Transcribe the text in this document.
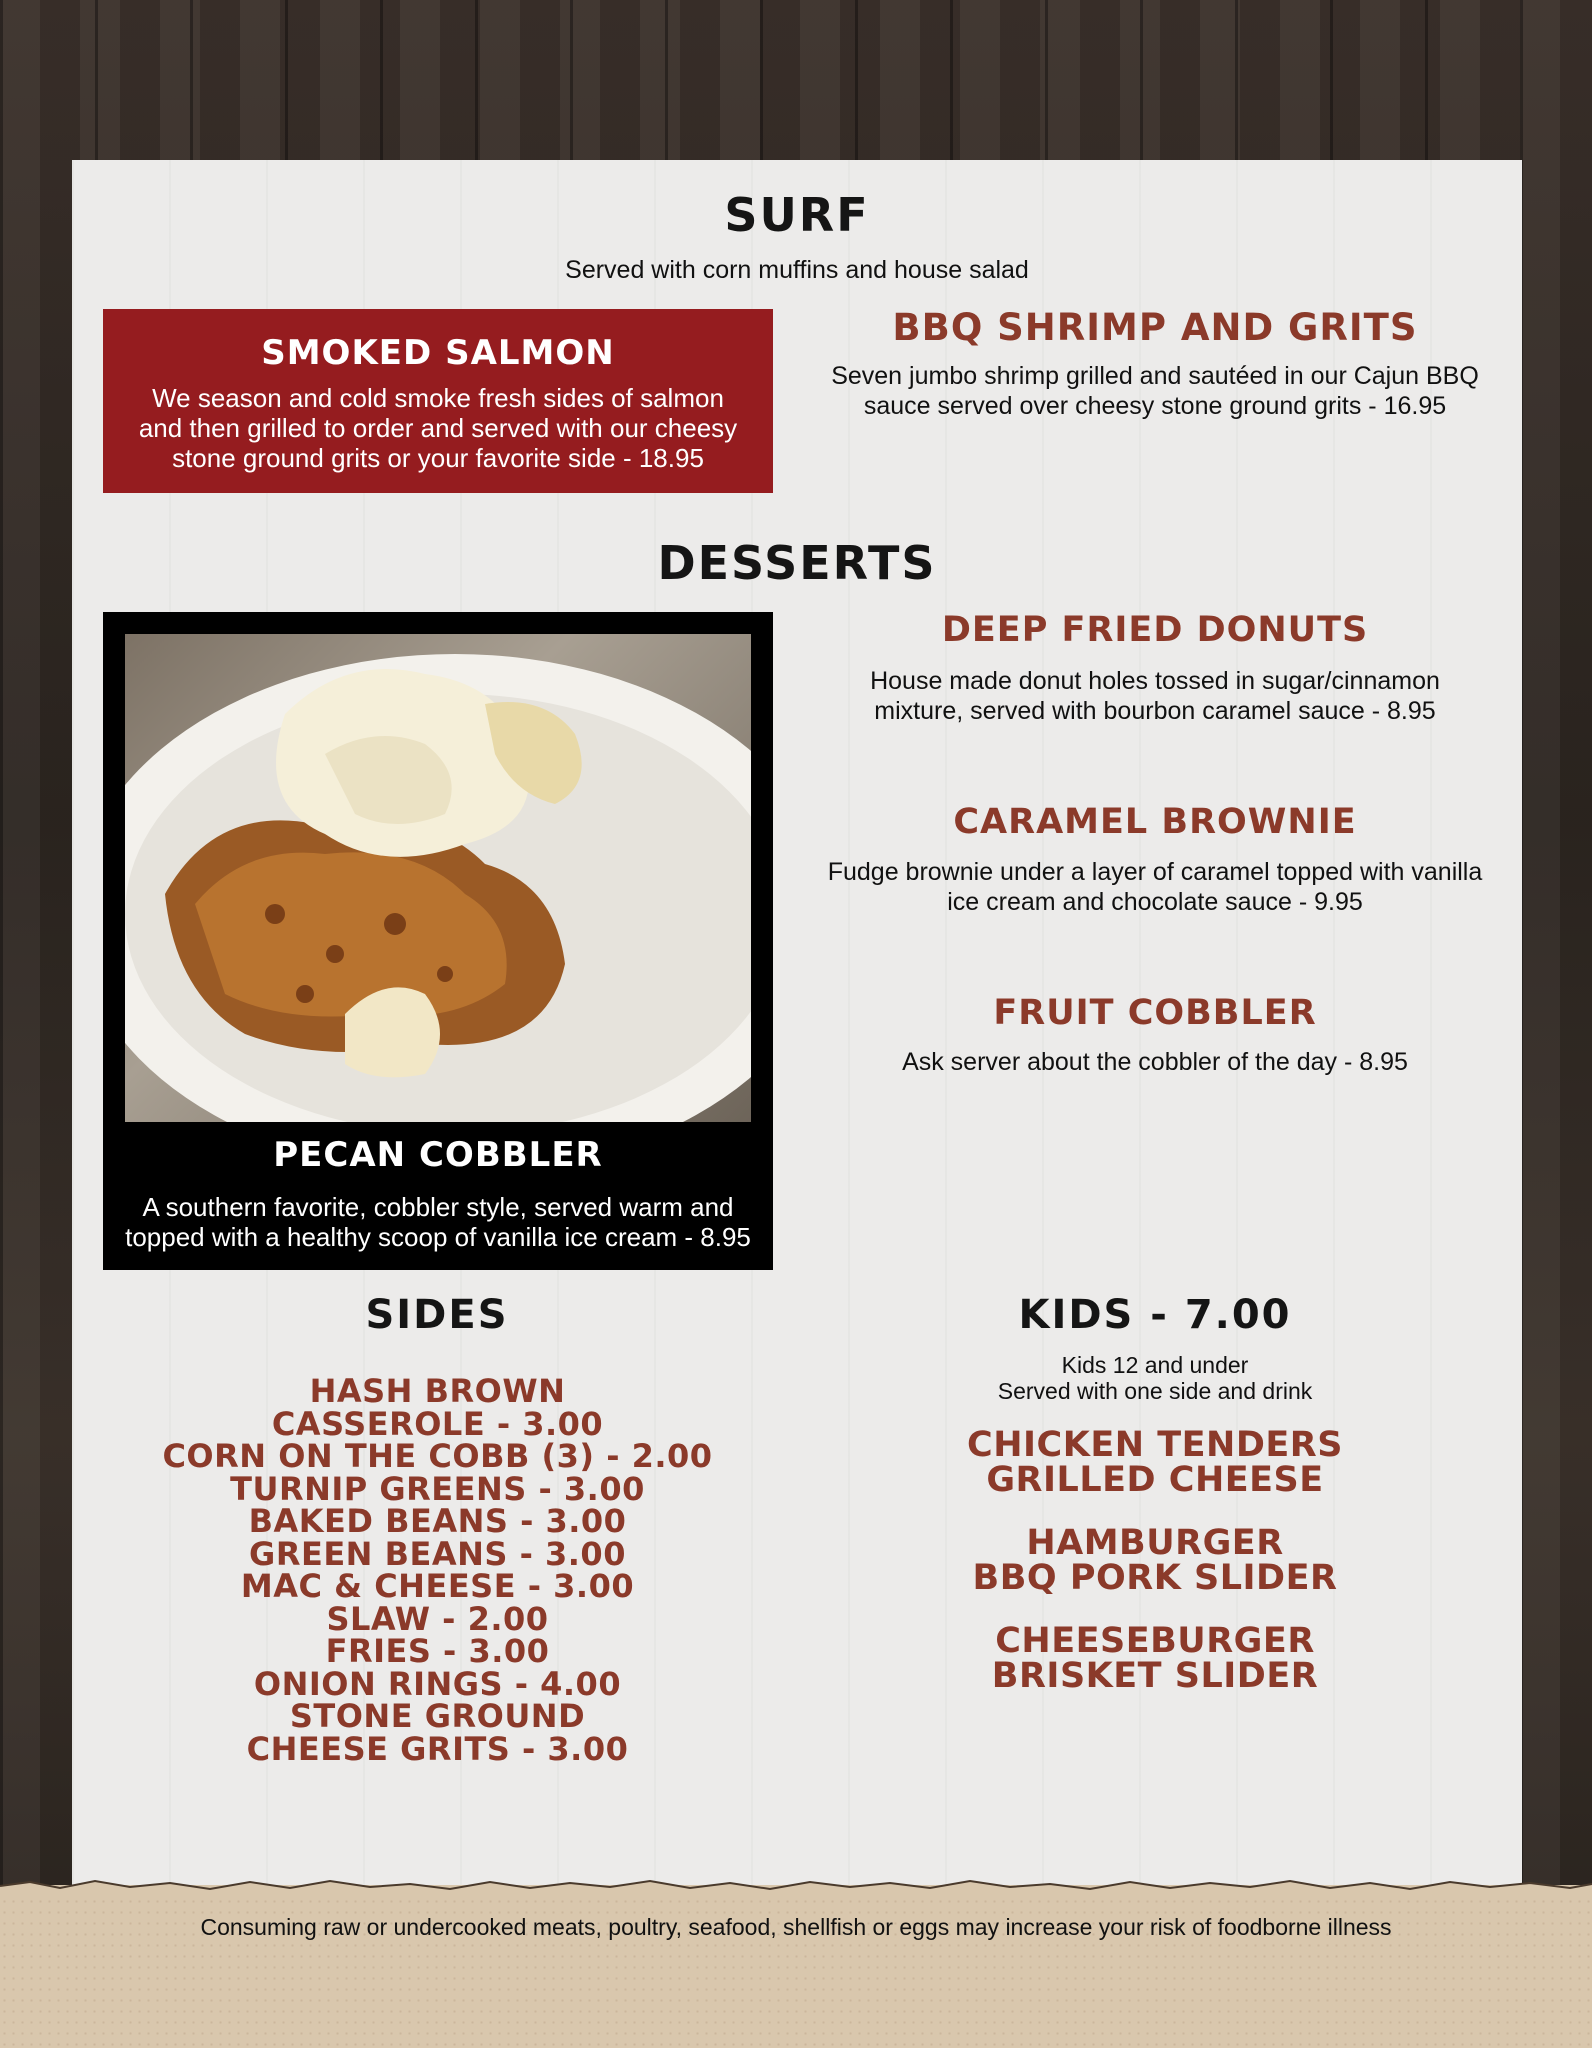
SURF
Served with corn muffins and house salad
SMOKED SALMON
We season and cold smoke fresh sides of salmon and then grilled to order and served with our cheesy stone ground grits or your favorite side - 18.95
BBQ SHRIMP AND GRITS
Seven jumbo shrimp grilled and sautéed in our Cajun BBQ sauce served over cheesy stone ground grits - 16.95
DESSERTS
PECAN COBBLER
A southern favorite, cobbler style, served warm and topped with a healthy scoop of vanilla ice cream - 8.95
DEEP FRIED DONUTS
House made donut holes tossed in sugar/cinnamon mixture, served with bourbon caramel sauce - 8.95
CARAMEL BROWNIE
Fudge brownie under a layer of caramel topped with vanilla ice cream and chocolate sauce - 9.95
FRUIT COBBLER
Ask server about the cobbler of the day - 8.95
SIDES
HASH BROWN
CASSEROLE - 3.00
CORN ON THE COBB (3) - 2.00
TURNIP GREENS - 3.00
BAKED BEANS - 3.00
GREEN BEANS - 3.00
MAC & CHEESE - 3.00
SLAW - 2.00
FRIES - 3.00
ONION RINGS - 4.00
STONE GROUND
CHEESE GRITS - 3.00
KIDS - 7.00
Kids 12 and under
Served with one side and drink
CHICKEN TENDERS
GRILLED CHEESE
HAMBURGER
BBQ PORK SLIDER
CHEESEBURGER
BRISKET SLIDER
Consuming raw or undercooked meats, poultry, seafood, shellfish or eggs may increase your risk of foodborne illness
